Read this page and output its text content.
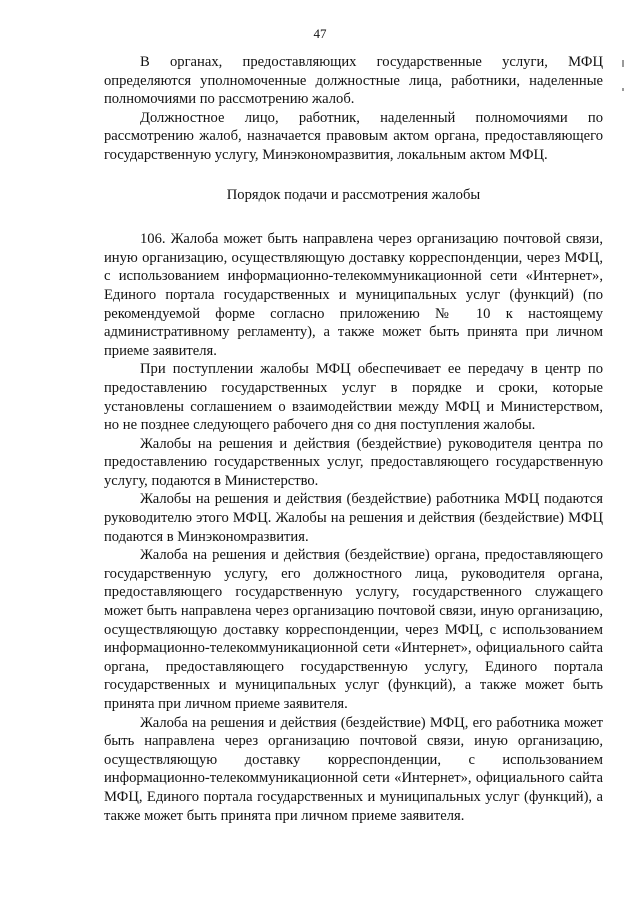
47

В органах, предоставляющих государственные услуги, МФЦ определяются уполномоченные должностные лица, работники, наделенные полномочиями по рассмотрению жалоб.

Должностное лицо, работник, наделенный полномочиями по рассмотрению жалоб, назначается правовым актом органа, предоставляющего государственную услугу, Минэкономразвития, локальным актом МФЦ.

Порядок подачи и рассмотрения жалобы

106. Жалоба может быть направлена через организацию почтовой связи, иную организацию, осуществляющую доставку корреспонденции, через МФЦ, с использованием информационно-телекоммуникационной сети «Интернет», Единого портала государственных и муниципальных услуг (функций) (по рекомендуемой форме согласно приложению № 10 к настоящему административному регламенту), а также может быть принята при личном приеме заявителя.

При поступлении жалобы МФЦ обеспечивает ее передачу в центр по предоставлению государственных услуг в порядке и сроки, которые установлены соглашением о взаимодействии между МФЦ и Министерством, но не позднее следующего рабочего дня со дня поступления жалобы.

Жалобы на решения и действия (бездействие) руководителя центра по предоставлению государственных услуг, предоставляющего государственную услугу, подаются в Министерство.

Жалобы на решения и действия (бездействие) работника МФЦ подаются руководителю этого МФЦ. Жалобы на решения и действия (бездействие) МФЦ подаются в Минэкономразвития.

Жалоба на решения и действия (бездействие) органа, предоставляющего государственную услугу, его должностного лица, руководителя органа, предоставляющего государственную услугу, государственного служащего может быть направлена через организацию почтовой связи, иную организацию, осуществляющую доставку корреспонденции, через МФЦ, с использованием информационно-телекоммуникационной сети «Интернет», официального сайта органа, предоставляющего государственную услугу, Единого портала государственных и муниципальных услуг (функций), а также может быть принята при личном приеме заявителя.

Жалоба на решения и действия (бездействие) МФЦ, его работника может быть направлена через организацию почтовой связи, иную организацию, осуществляющую доставку корреспонденции, с использованием информационно-телекоммуникационной сети «Интернет», официального сайта МФЦ, Единого портала государственных и муниципальных услуг (функций), а также может быть принята при личном приеме заявителя.
